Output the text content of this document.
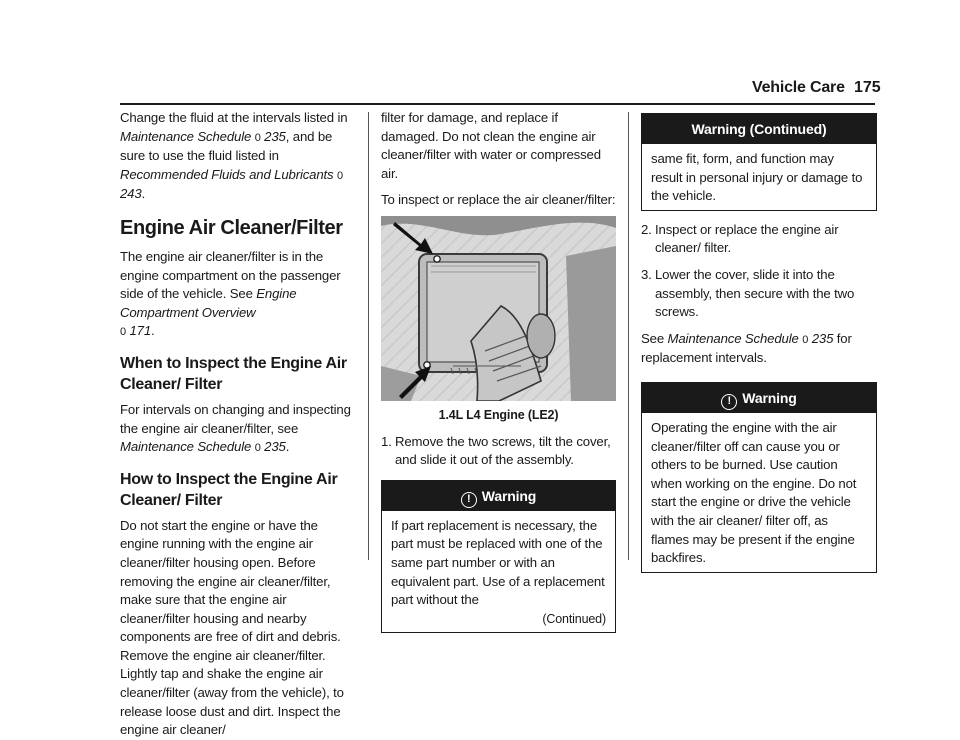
Vehicle Care 175

Change the fluid at the intervals listed in Maintenance Schedule 0 235, and be sure to use the fluid listed in Recommended Fluids and Lubricants 0 243.

Engine Air Cleaner/Filter

The engine air cleaner/filter is in the engine compartment on the passenger side of the vehicle. See Engine Compartment Overview
0 171.

When to Inspect the Engine Air Cleaner/ Filter

For intervals on changing and inspecting the engine air cleaner/filter, see Maintenance Schedule 0 235.

How to Inspect the Engine Air Cleaner/ Filter

Do not start the engine or have the engine running with the engine air cleaner/filter housing open. Before removing the engine air cleaner/filter, make sure that the engine air cleaner/filter housing and nearby components are free of dirt and debris. Remove the engine air cleaner/filter. Lightly tap and shake the engine air cleaner/filter (away from the vehicle), to release loose dust and dirt. Inspect the engine air cleaner/

filter for damage, and replace if damaged. Do not clean the engine air cleaner/filter with water or compressed air.

To inspect or replace the air cleaner/filter:

1.4L L4 Engine (LE2)

1. Remove the two screws, tilt the cover, and slide it out of the assembly.

! Warning

If part replacement is necessary, the part must be replaced with one of the same part number or with an equivalent part. Use of a replacement part without the

(Continued)

Warning (Continued)

same fit, form, and function may result in personal injury or damage to the vehicle.

2. Inspect or replace the engine air cleaner/ filter.

3. Lower the cover, slide it into the assembly, then secure with the two screws.

See Maintenance Schedule 0 235 for replacement intervals.

! Warning

Operating the engine with the air cleaner/filter off can cause you or others to be burned. Use caution when working on the engine. Do not start the engine or drive the vehicle with the air cleaner/ filter off, as flames may be present if the engine backfires.
